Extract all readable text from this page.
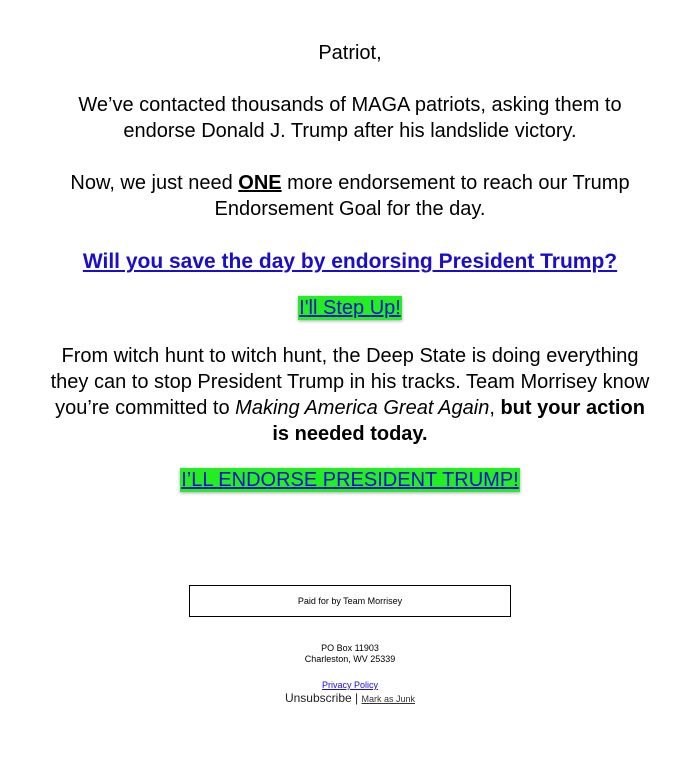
Patriot,
We’ve contacted thousands of MAGA patriots, asking them to endorse Donald J. Trump after his landslide victory.
Now, we just need ONE more endorsement to reach our Trump Endorsement Goal for the day.
Will you save the day by endorsing President Trump?
I'll Step Up!
From witch hunt to witch hunt, the Deep State is doing everything they can to stop President Trump in his tracks. Team Morrisey know you’re committed to Making America Great Again, but your action is needed today.
I’LL ENDORSE PRESIDENT TRUMP!
Paid for by Team Morrisey
PO Box 11903
Charleston, WV 25339
Privacy Policy
Unsubscribe | Mark as Junk
